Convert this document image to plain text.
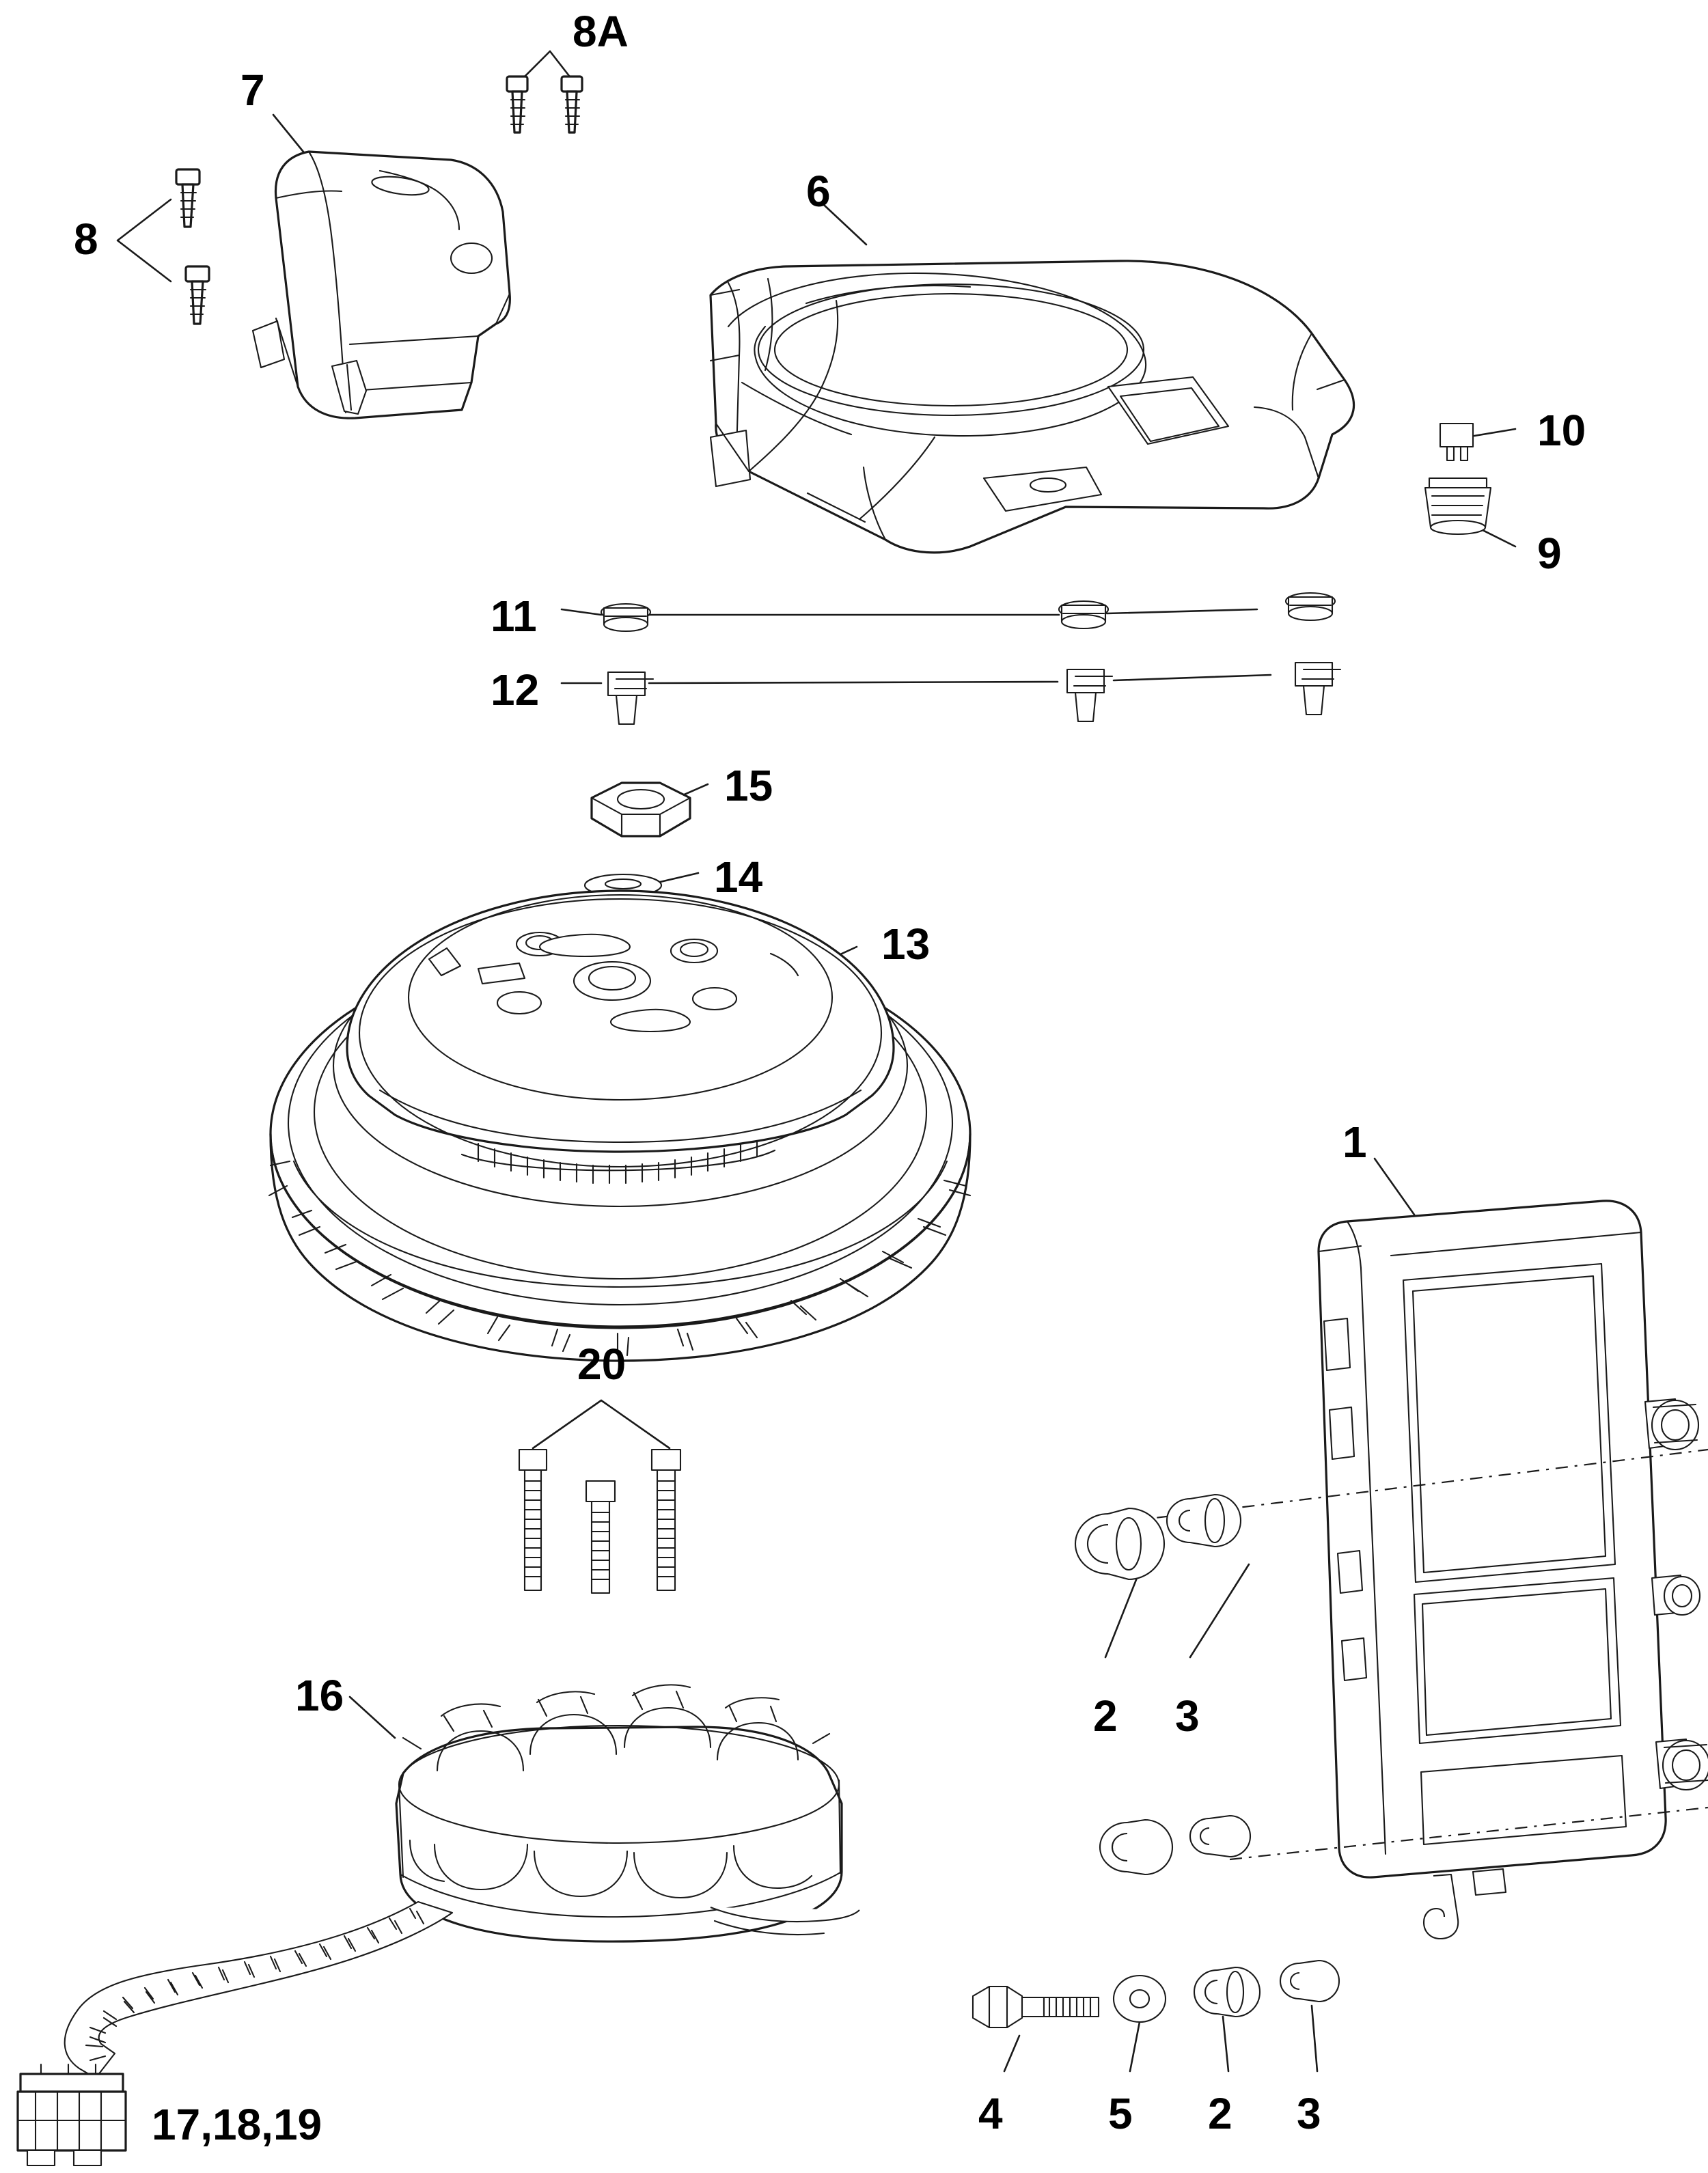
8A
7
8
6
10
9
11
12
15
14
13
1
20
2 3
16
4 5 2 3
17,18,19
